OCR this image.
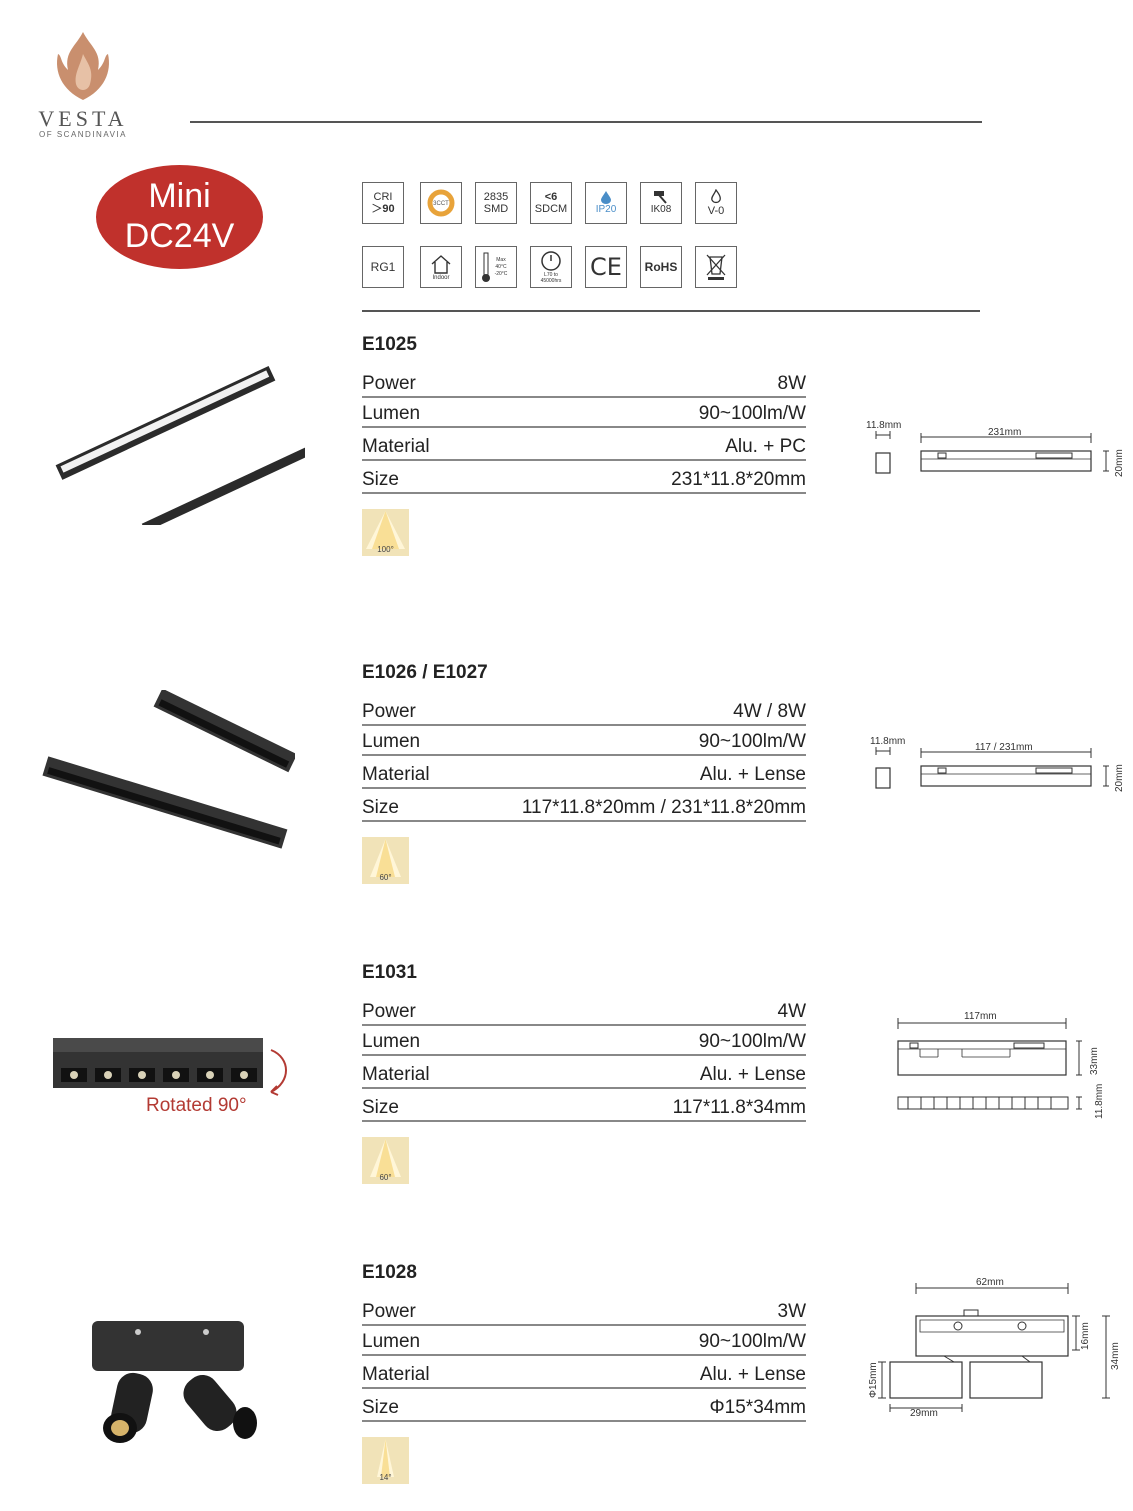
VESTA
OF SCANDINAVIA
Mini
DC24V
CRI
＞90	3CCT
2835
SMD
<6
SDCM	IP20	IK08	V-0
RG1
Indoor
Max 40°C
-20°C	L70 to
45000hrs CE RoHS
E1025
Power	8W
Lumen	90~100lm/W
Material	Alu. + PC
Size	231*11.8*20mm
100°
11.8mm
231mm
20mm
E1026 / E1027
Power	4W / 8W
Lumen	90~100lm/W
Material	Alu. + Lense
Size	117*11.8*20mm / 231*11.8*20mm
60°
11.8mm
117 / 231mm
20mm
Rotated 90°
E1031
Power	4W
Lumen	90~100lm/W
Material	Alu. + Lense
Size	117*11.8*34mm
60°
117mm
33mm
11.8mm
E1028
Power	3W
Lumen	90~100lm/W
Material	Alu. + Lense
Size	Φ15*34mm
14°
62mm
29mm
Φ15mm
16mm
34mm
